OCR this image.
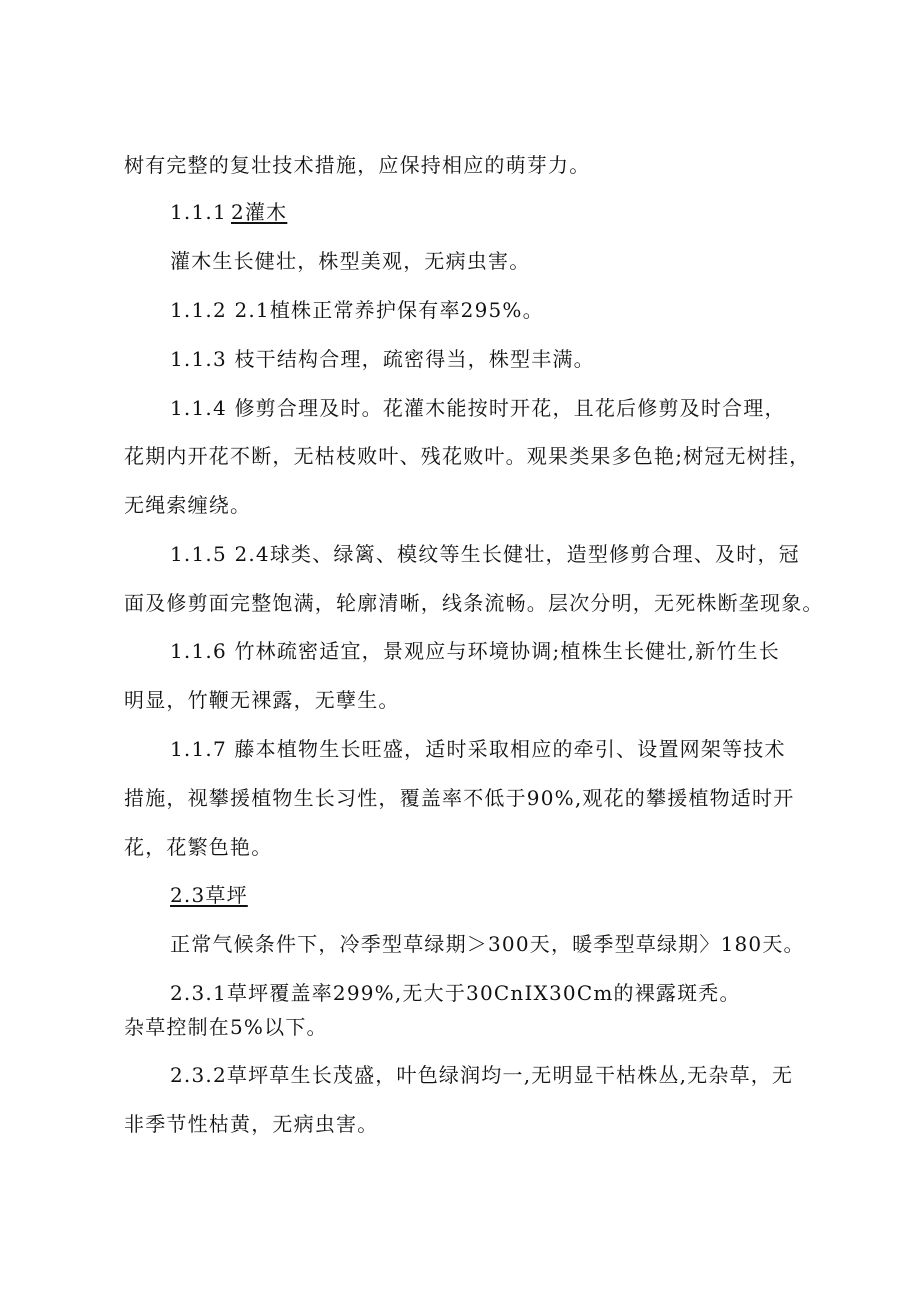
树有完整的复壮技术措施，应保持相应的萌芽力。
1.1.1 2灌木
灌木生长健壮，株型美观，无病虫害。
1.1.2 2.1植株正常养护保有率295%。
1.1.3 枝干结构合理，疏密得当，株型丰满。
1.1.4 修剪合理及时。花灌木能按时开花，且花后修剪及时合理，
花期内开花不断，无枯枝败叶、残花败叶。观果类果多色艳;树冠无树挂，
无绳索缠绕。
1.1.5 2.4球类、绿篱、模纹等生长健壮，造型修剪合理、及时，冠
面及修剪面完整饱满，轮廓清晰，线条流畅。层次分明，无死株断垄现象。
1.1.6 竹林疏密适宜，景观应与环境协调;植株生长健壮,新竹生长
明显，竹鞭无裸露，无孽生。
1.1.7 藤本植物生长旺盛，适时采取相应的牵引、设置网架等技术
措施，视攀援植物生长习性，覆盖率不低于90%,观花的攀援植物适时开
花，花繁色艳。
2.3草坪
正常气候条件下，冷季型草绿期＞300天，暖季型草绿期〉180天。
2.3.1草坪覆盖率299%,无大于30CnIX30Cm的裸露斑秃。
杂草控制在5%以下。
2.3.2草坪草生长茂盛，叶色绿润均一,无明显干枯株丛,无杂草，无
非季节性枯黄，无病虫害。
